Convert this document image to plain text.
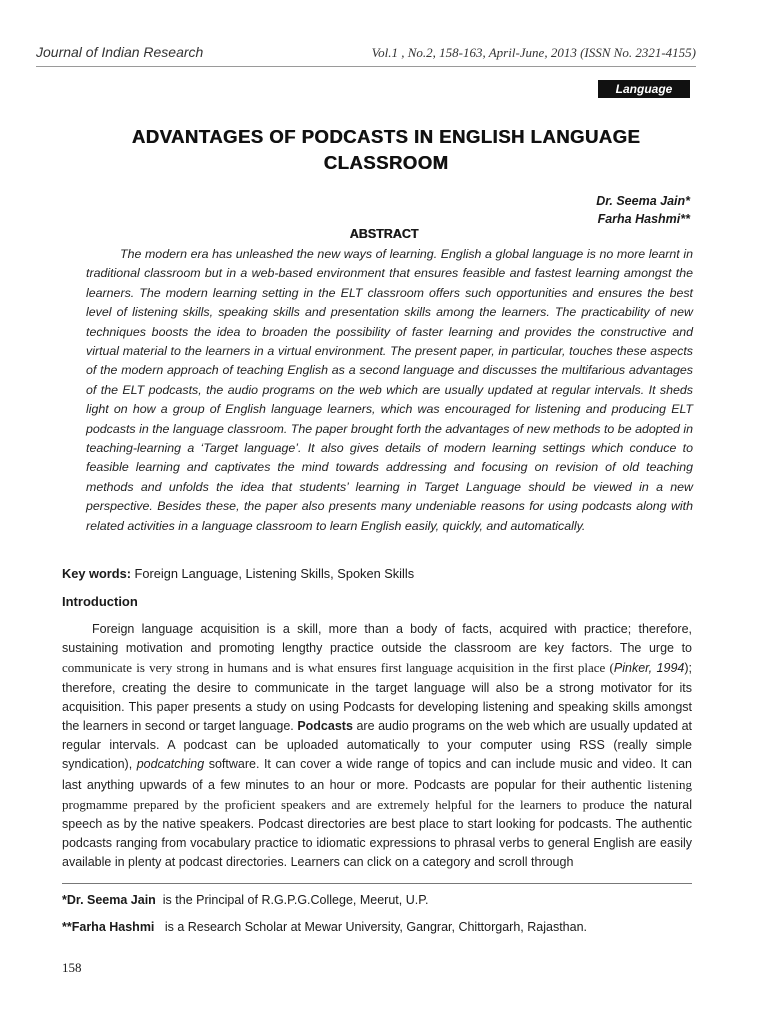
Journal of Indian Research	Vol.1 , No.2, 158-163, April-June, 2013 (ISSN No. 2321-4155)
Language
ADVANTAGES OF PODCASTS IN ENGLISH LANGUAGE CLASSROOM
Dr. Seema Jain*
Farha Hashmi**
ABSTRACT

The modern era has unleashed the new ways of learning. English a global language is no more learnt in traditional classroom but in a web-based environment that ensures feasible and fastest learning amongst the learners. The modern learning setting in the ELT classroom offers such opportunities and ensures the best level of listening skills, speaking skills and presentation skills among the learners. The practicability of new techniques boosts the idea to broaden the possibility of faster learning and provides the constructive and virtual material to the learners in a virtual environment. The present paper, in particular, touches these aspects of the modern approach of teaching English as a second language and discusses the multifarious advantages of the ELT podcasts, the audio programs on the web which are usually updated at regular intervals. It sheds light on how a group of English language learners, which was encouraged for listening and producing ELT podcasts in the language classroom. The paper brought forth the advantages of new methods to be adopted in teaching-learning a ‘Target language’. It also gives details of modern learning settings which conduce to feasible learning and captivates the mind towards addressing and focusing on revision of old teaching methods and unfolds the idea that students’ learning in Target Language should be viewed in a new perspective. Besides these, the paper also presents many undeniable reasons for using podcasts along with related activities in a language classroom to learn English easily, quickly, and automatically.

Key words: Foreign Language, Listening Skills, Spoken Skills
Introduction

Foreign language acquisition is a skill, more than a body of facts, acquired with practice; therefore, sustaining motivation and promoting lengthy practice outside the classroom are key factors. The urge to communicate is very strong in humans and is what ensures first language acquisition in the first place (Pinker, 1994); therefore, creating the desire to communicate in the target language will also be a strong motivator for its acquisition. This paper presents a study on using Podcasts for developing listening and speaking skills amongst the learners in second or target language. Podcasts are audio programs on the web which are usually updated at regular intervals. A podcast can be uploaded automatically to your computer using RSS (really simple syndication), podcatching software. It can cover a wide range of topics and can include music and video. It can last anything upwards of a few minutes to an hour or more. Podcasts are popular for their authentic listening progmamme prepared by the proficient speakers and are extremely helpful for the learners to produce the natural speech as by the native speakers. Podcast directories are best place to start looking for podcasts. The authentic podcasts ranging from vocabulary practice to idiomatic expressions to phrasal verbs to general English are easily available in plenty at podcast directories. Learners can click on a category and scroll through

*Dr. Seema Jain is the Principal of R.G.P.G.College, Meerut, U.P.
**Farha Hashmi is a Research Scholar at Mewar University, Gangrar, Chittorgarh, Rajasthan.
158
